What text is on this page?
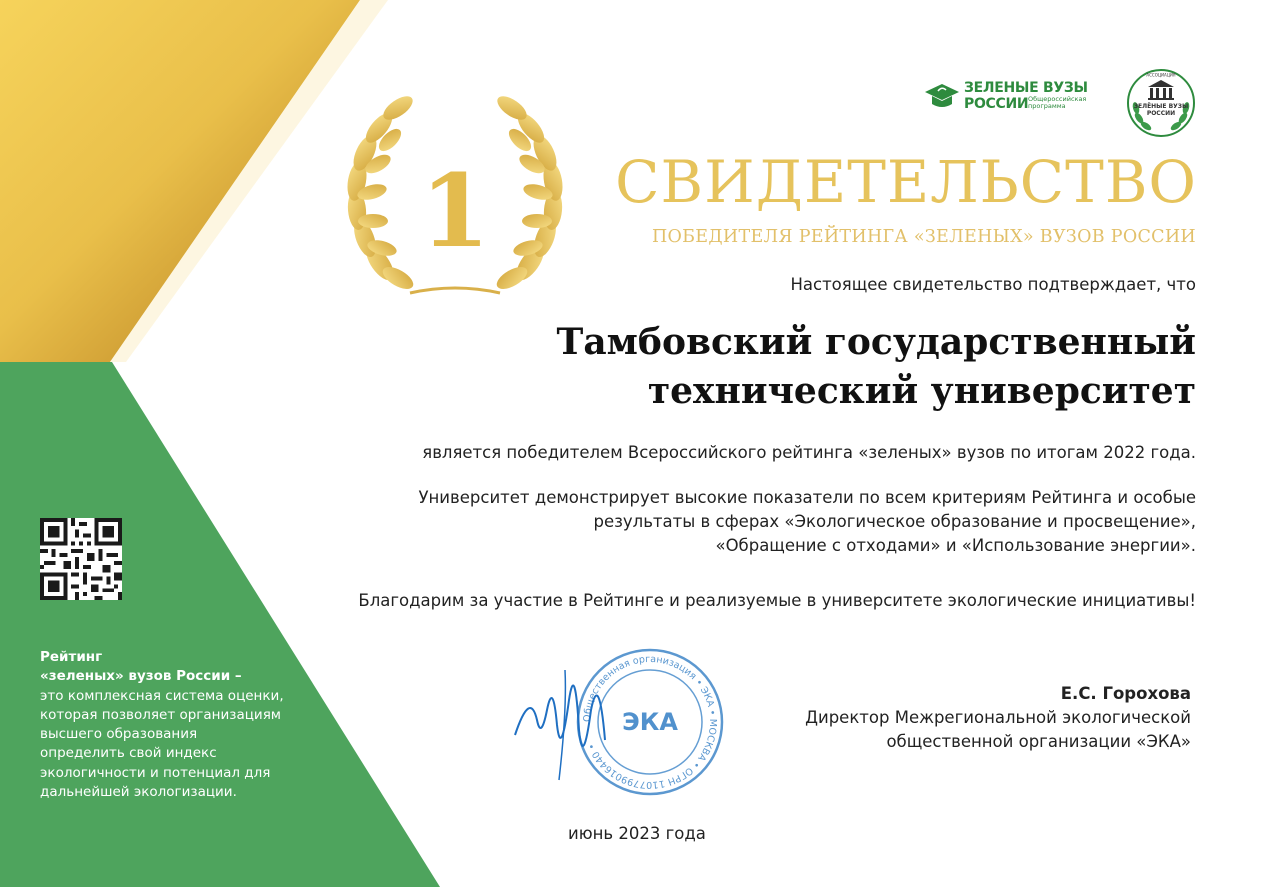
1
ЗЕЛЕНЫЕ ВУЗЫ
РОССИИ Общероссийская программа
АССОЦИАЦИЯ
ЗЕЛЁНЫЕ ВУЗЫ
РОССИИ
СВИДЕТЕЛЬСТВО
ПОБЕДИТЕЛЯ РЕЙТИНГА «ЗЕЛЕНЫХ» ВУЗОВ РОССИИ
Настоящее свидетельство подтверждает, что
Тамбовский государственный
технический университет
является победителем Всероссийского рейтинга «зеленых» вузов по итогам 2022 года.
Университет демонстрирует высокие показатели по всем критериям Рейтинга и особые
результаты в сферах «Экологическое образование и просвещение»,
«Обращение с отходами» и «Использование энергии».
Благодарим за участие в Рейтинге и реализуемые в университете экологические инициативы!
Е.С. Горохова
Директор Межрегиональной экологической
общественной организации «ЭКА»
июнь 2023 года
Общественная организация • ЭКА • МОСКВА • ОГРН 1107799016440 •
ЭКА
Рейтинг
«зеленых» вузов России –
это комплексная система оценки,
которая позволяет организациям
высшего образования
определить свой индекс
экологичности и потенциал для
дальнейшей экологизации.
